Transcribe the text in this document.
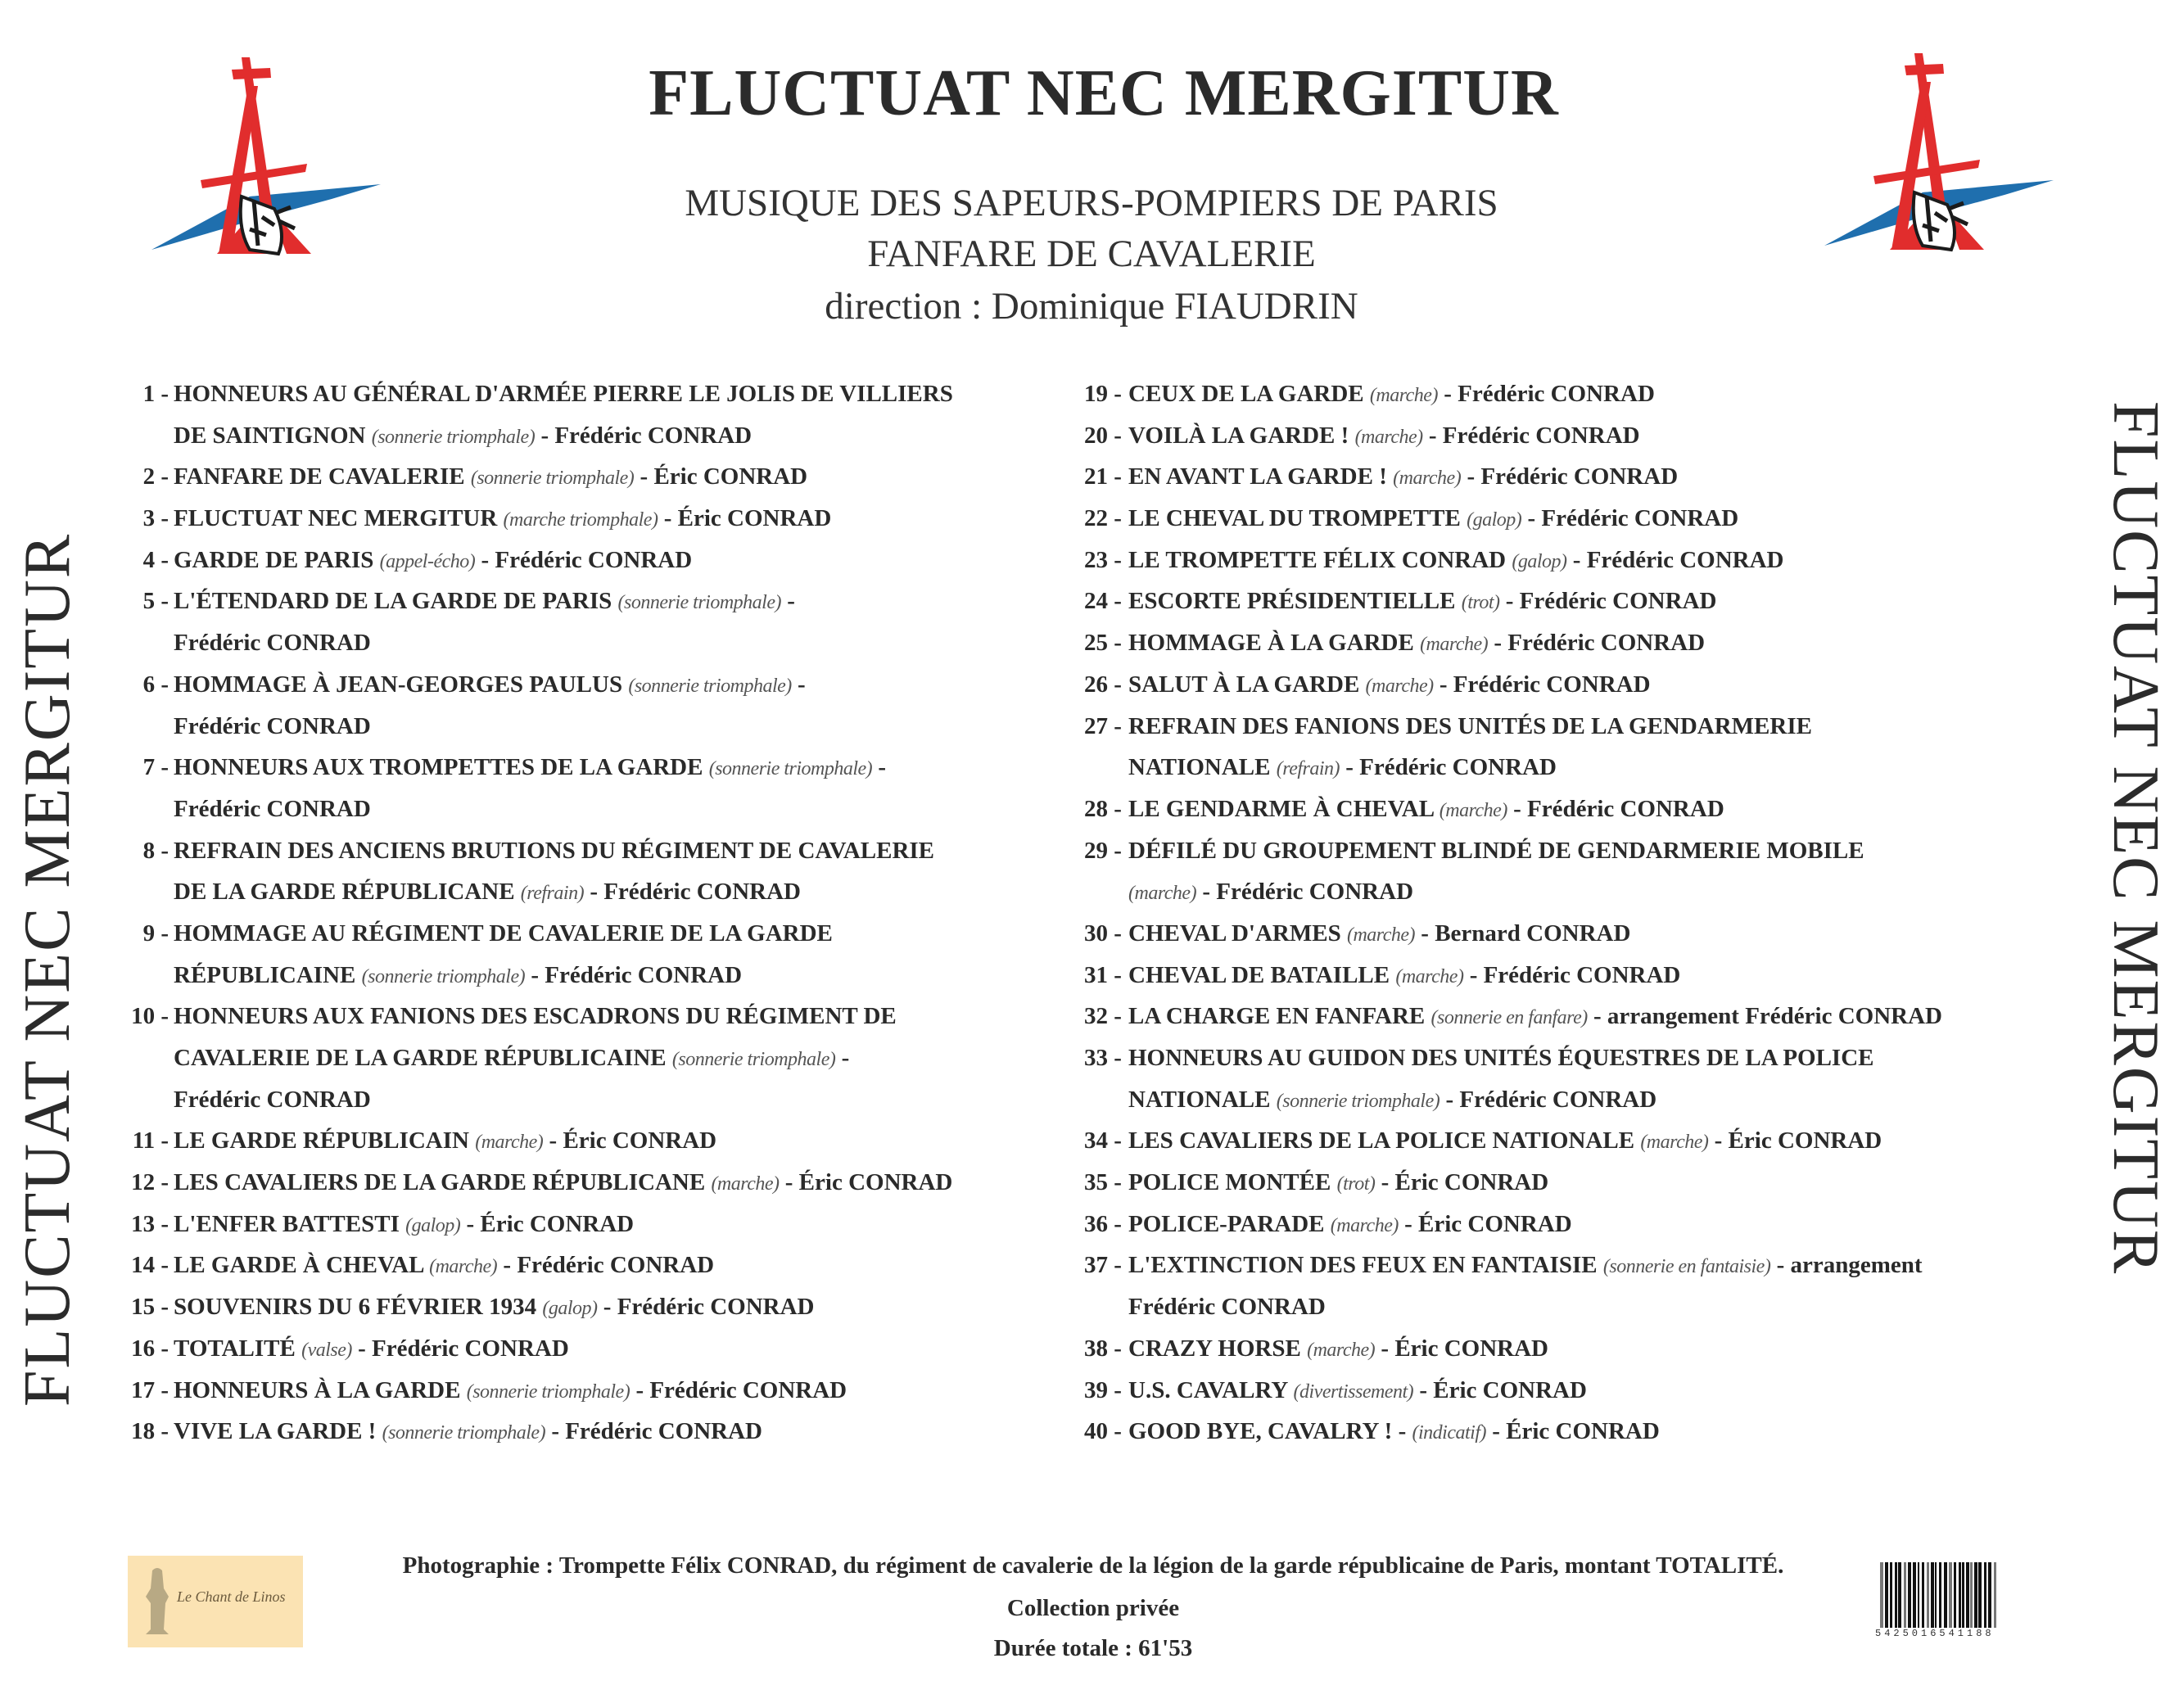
FLUCTUAT NEC MERGITUR
MUSIQUE DES SAPEURS-POMPIERS DE PARIS
FANFARE DE CAVALERIE
direction : Dominique FIAUDRIN
FLUCTUAT NEC MERGITUR	FLUCTUAT NEC MERGITUR
1 - HONNEURS AU GÉNÉRAL D'ARMÉE PIERRE LE JOLIS DE VILLIERS
DE SAINTIGNON (sonnerie triomphale) - Frédéric CONRAD
2 - FANFARE DE CAVALERIE (sonnerie triomphale) - Éric CONRAD
3 - FLUCTUAT NEC MERGITUR (marche triomphale) - Éric CONRAD
4 - GARDE DE PARIS (appel-écho) - Frédéric CONRAD
5 - L'ÉTENDARD DE LA GARDE DE PARIS (sonnerie triomphale) -
Frédéric CONRAD
6 - HOMMAGE À JEAN-GEORGES PAULUS (sonnerie triomphale) -
Frédéric CONRAD
7 - HONNEURS AUX TROMPETTES DE LA GARDE (sonnerie triomphale) -
Frédéric CONRAD
8 - REFRAIN DES ANCIENS BRUTIONS DU RÉGIMENT DE CAVALERIE
DE LA GARDE RÉPUBLICANE (refrain) - Frédéric CONRAD
9 - HOMMAGE AU RÉGIMENT DE CAVALERIE DE LA GARDE
RÉPUBLICAINE (sonnerie triomphale) - Frédéric CONRAD
10 - HONNEURS AUX FANIONS DES ESCADRONS DU RÉGIMENT DE
CAVALERIE DE LA GARDE RÉPUBLICAINE (sonnerie triomphale) -
Frédéric CONRAD
11 - LE GARDE RÉPUBLICAIN (marche) - Éric CONRAD
12 - LES CAVALIERS DE LA GARDE RÉPUBLICANE (marche) - Éric CONRAD
13 - L'ENFER BATTESTI (galop) - Éric CONRAD
14 - LE GARDE À CHEVAL (marche) - Frédéric CONRAD
15 - SOUVENIRS DU 6 FÉVRIER 1934 (galop) - Frédéric CONRAD
16 - TOTALITÉ (valse) - Frédéric CONRAD
17 - HONNEURS À LA GARDE (sonnerie triomphale) - Frédéric CONRAD
18 - VIVE LA GARDE ! (sonnerie triomphale) - Frédéric CONRAD
19 - CEUX DE LA GARDE (marche) - Frédéric CONRAD
20 - VOILÀ LA GARDE ! (marche) - Frédéric CONRAD
21 - EN AVANT LA GARDE ! (marche) - Frédéric CONRAD
22 - LE CHEVAL DU TROMPETTE (galop) - Frédéric CONRAD
23 - LE TROMPETTE FÉLIX CONRAD (galop) - Frédéric CONRAD
24 - ESCORTE PRÉSIDENTIELLE (trot) - Frédéric CONRAD
25 - HOMMAGE À LA GARDE (marche) - Frédéric CONRAD
26 - SALUT À LA GARDE (marche) - Frédéric CONRAD
27 - REFRAIN DES FANIONS DES UNITÉS DE LA GENDARMERIE
NATIONALE (refrain) - Frédéric CONRAD
28 - LE GENDARME À CHEVAL (marche) - Frédéric CONRAD
29 - DÉFILÉ DU GROUPEMENT BLINDÉ DE GENDARMERIE MOBILE
(marche) - Frédéric CONRAD
30 - CHEVAL D'ARMES (marche) - Bernard CONRAD
31 - CHEVAL DE BATAILLE (marche) - Frédéric CONRAD
32 - LA CHARGE EN FANFARE (sonnerie en fanfare) - arrangement Frédéric CONRAD
33 - HONNEURS AU GUIDON DES UNITÉS ÉQUESTRES DE LA POLICE
NATIONALE (sonnerie triomphale) - Frédéric CONRAD
34 - LES CAVALIERS DE LA POLICE NATIONALE (marche) - Éric CONRAD
35 - POLICE MONTÉE (trot) - Éric CONRAD
36 - POLICE-PARADE (marche) - Éric CONRAD
37 - L'EXTINCTION DES FEUX EN FANTAISIE (sonnerie en fantaisie) - arrangement
Frédéric CONRAD
38 - CRAZY HORSE (marche) - Éric CONRAD
39 - U.S. CAVALRY (divertissement) - Éric CONRAD
40 - GOOD BYE, CAVALRY ! - (indicatif) - Éric CONRAD
Le Chant de Linos
Photographie : Trompette Félix CONRAD, du régiment de cavalerie de la légion de la garde républicaine de Paris, montant TOTALITÉ.
Collection privée
Durée totale : 61'53
5425016541188
